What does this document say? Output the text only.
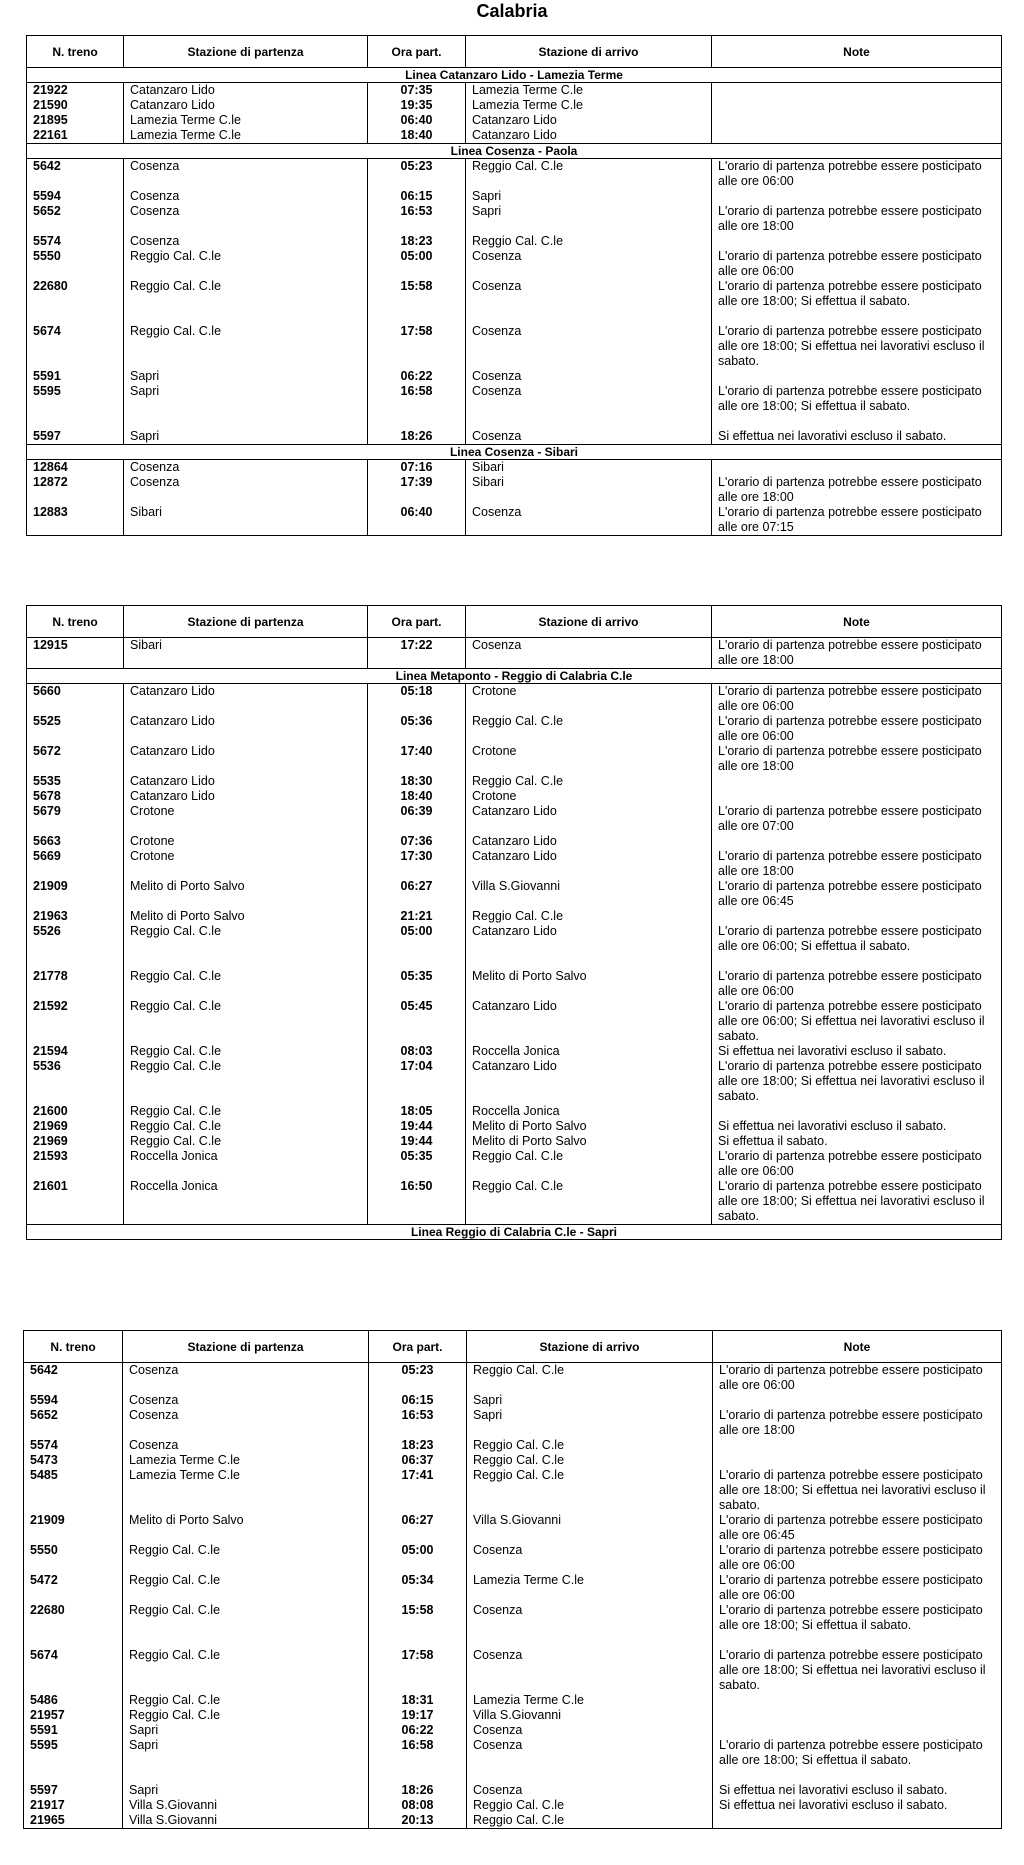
Calabria
N. treno	Stazione di partenza	Ora part.	Stazione di arrivo	Note
Linea Catanzaro Lido - Lamezia Terme				
21922	Catanzaro Lido	07:35	Lamezia Terme C.le	
21590	Catanzaro Lido	19:35	Lamezia Terme C.le	
21895	Lamezia Terme C.le	06:40	Catanzaro Lido	
22161	Lamezia Terme C.le	18:40	Catanzaro Lido	
Linea Cosenza - Paola				
5642	Cosenza	05:23	Reggio Cal. C.le	L'orario di partenza potrebbe essere posticipato alle ore 06:00
5594	Cosenza	06:15	Sapri	
5652	Cosenza	16:53	Sapri	L'orario di partenza potrebbe essere posticipato alle ore 18:00
5574	Cosenza	18:23	Reggio Cal. C.le	
5550	Reggio Cal. C.le	05:00	Cosenza	L'orario di partenza potrebbe essere posticipato alle ore 06:00
22680	Reggio Cal. C.le	15:58	Cosenza	L'orario di partenza potrebbe essere posticipato alle ore 18:00; Si effettua il sabato.
5674	Reggio Cal. C.le	17:58	Cosenza	L'orario di partenza potrebbe essere posticipato alle ore 18:00; Si effettua nei lavorativi escluso il sabato.
5591	Sapri	06:22	Cosenza	
5595	Sapri	16:58	Cosenza	L'orario di partenza potrebbe essere posticipato alle ore 18:00; Si effettua il sabato.
5597	Sapri	18:26	Cosenza	Si effettua nei lavorativi escluso il sabato.
Linea Cosenza - Sibari				
12864	Cosenza	07:16	Sibari	
12872	Cosenza	17:39	Sibari	L'orario di partenza potrebbe essere posticipato alle ore 18:00
12883	Sibari	06:40	Cosenza	L'orario di partenza potrebbe essere posticipato alle ore 07:15
N. treno	Stazione di partenza	Ora part.	Stazione di arrivo	Note
12915	Sibari	17:22	Cosenza	L'orario di partenza potrebbe essere posticipato alle ore 18:00
Linea Metaponto - Reggio di Calabria C.le				
5660	Catanzaro Lido	05:18	Crotone	L'orario di partenza potrebbe essere posticipato alle ore 06:00
5525	Catanzaro Lido	05:36	Reggio Cal. C.le	L'orario di partenza potrebbe essere posticipato alle ore 06:00
5672	Catanzaro Lido	17:40	Crotone	L'orario di partenza potrebbe essere posticipato alle ore 18:00
5535	Catanzaro Lido	18:30	Reggio Cal. C.le	
5678	Catanzaro Lido	18:40	Crotone	
5679	Crotone	06:39	Catanzaro Lido	L'orario di partenza potrebbe essere posticipato alle ore 07:00
5663	Crotone	07:36	Catanzaro Lido	
5669	Crotone	17:30	Catanzaro Lido	L'orario di partenza potrebbe essere posticipato alle ore 18:00
21909	Melito di Porto Salvo	06:27	Villa S.Giovanni	L'orario di partenza potrebbe essere posticipato alle ore 06:45
21963	Melito di Porto Salvo	21:21	Reggio Cal. C.le	
5526	Reggio Cal. C.le	05:00	Catanzaro Lido	L'orario di partenza potrebbe essere posticipato alle ore 06:00; Si effettua il sabato.
21778	Reggio Cal. C.le	05:35	Melito di Porto Salvo	L'orario di partenza potrebbe essere posticipato alle ore 06:00
21592	Reggio Cal. C.le	05:45	Catanzaro Lido	L'orario di partenza potrebbe essere posticipato alle ore 06:00; Si effettua nei lavorativi escluso il sabato.
21594	Reggio Cal. C.le	08:03	Roccella Jonica	Si effettua nei lavorativi escluso il sabato.
5536	Reggio Cal. C.le	17:04	Catanzaro Lido	L'orario di partenza potrebbe essere posticipato alle ore 18:00; Si effettua nei lavorativi escluso il sabato.
21600	Reggio Cal. C.le	18:05	Roccella Jonica	
21969	Reggio Cal. C.le	19:44	Melito di Porto Salvo	Si effettua nei lavorativi escluso il sabato.
21969	Reggio Cal. C.le	19:44	Melito di Porto Salvo	Si effettua il sabato.
21593	Roccella Jonica	05:35	Reggio Cal. C.le	L'orario di partenza potrebbe essere posticipato alle ore 06:00
21601	Roccella Jonica	16:50	Reggio Cal. C.le	L'orario di partenza potrebbe essere posticipato alle ore 18:00; Si effettua nei lavorativi escluso il sabato.
Linea Reggio di Calabria C.le - Sapri				
N. treno	Stazione di partenza	Ora part.	Stazione di arrivo	Note
5642	Cosenza	05:23	Reggio Cal. C.le	L'orario di partenza potrebbe essere posticipato alle ore 06:00
5594	Cosenza	06:15	Sapri	
5652	Cosenza	16:53	Sapri	L'orario di partenza potrebbe essere posticipato alle ore 18:00
5574	Cosenza	18:23	Reggio Cal. C.le	
5473	Lamezia Terme C.le	06:37	Reggio Cal. C.le	
5485	Lamezia Terme C.le	17:41	Reggio Cal. C.le	L'orario di partenza potrebbe essere posticipato alle ore 18:00; Si effettua nei lavorativi escluso il sabato.
21909	Melito di Porto Salvo	06:27	Villa S.Giovanni	L'orario di partenza potrebbe essere posticipato alle ore 06:45
5550	Reggio Cal. C.le	05:00	Cosenza	L'orario di partenza potrebbe essere posticipato alle ore 06:00
5472	Reggio Cal. C.le	05:34	Lamezia Terme C.le	L'orario di partenza potrebbe essere posticipato alle ore 06:00
22680	Reggio Cal. C.le	15:58	Cosenza	L'orario di partenza potrebbe essere posticipato alle ore 18:00; Si effettua il sabato.
5674	Reggio Cal. C.le	17:58	Cosenza	L'orario di partenza potrebbe essere posticipato alle ore 18:00; Si effettua nei lavorativi escluso il sabato.
5486	Reggio Cal. C.le	18:31	Lamezia Terme C.le	
21957	Reggio Cal. C.le	19:17	Villa S.Giovanni	
5591	Sapri	06:22	Cosenza	
5595	Sapri	16:58	Cosenza	L'orario di partenza potrebbe essere posticipato alle ore 18:00; Si effettua il sabato.
5597	Sapri	18:26	Cosenza	Si effettua nei lavorativi escluso il sabato.
21917	Villa S.Giovanni	08:08	Reggio Cal. C.le	Si effettua nei lavorativi escluso il sabato.
21965	Villa S.Giovanni	20:13	Reggio Cal. C.le	
